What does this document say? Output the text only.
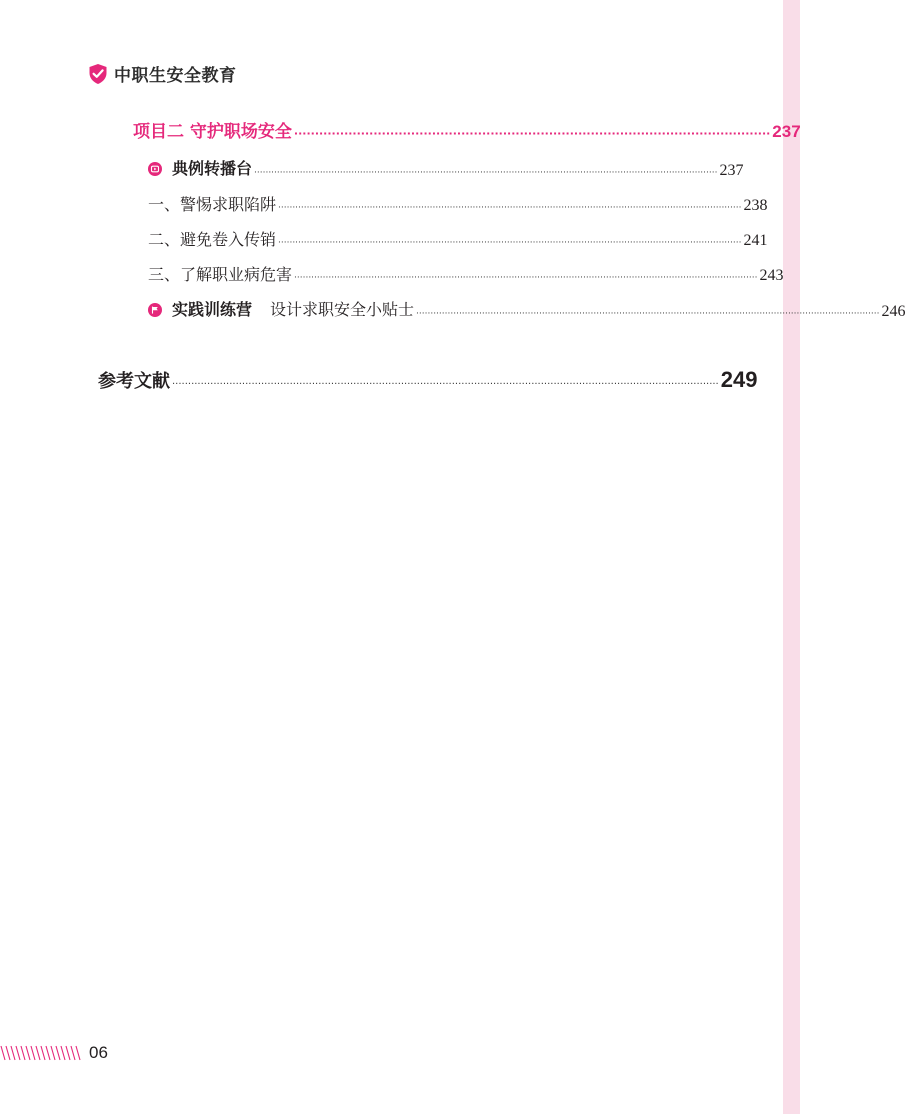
中职生安全教育
项目二 守护职场安全 ·················································································································· 237
典例转播台 ·································································································································································· 237
一、警惕求职陷阱 ·································································································································································· 238
二、避免卷入传销 ·································································································································································· 241
三、了解职业病危害 ·································································································································································· 243
实践训练营 设计求职安全小贴士 ·································································································································································· 246
参考文献 ············································································································································································ 249
06
